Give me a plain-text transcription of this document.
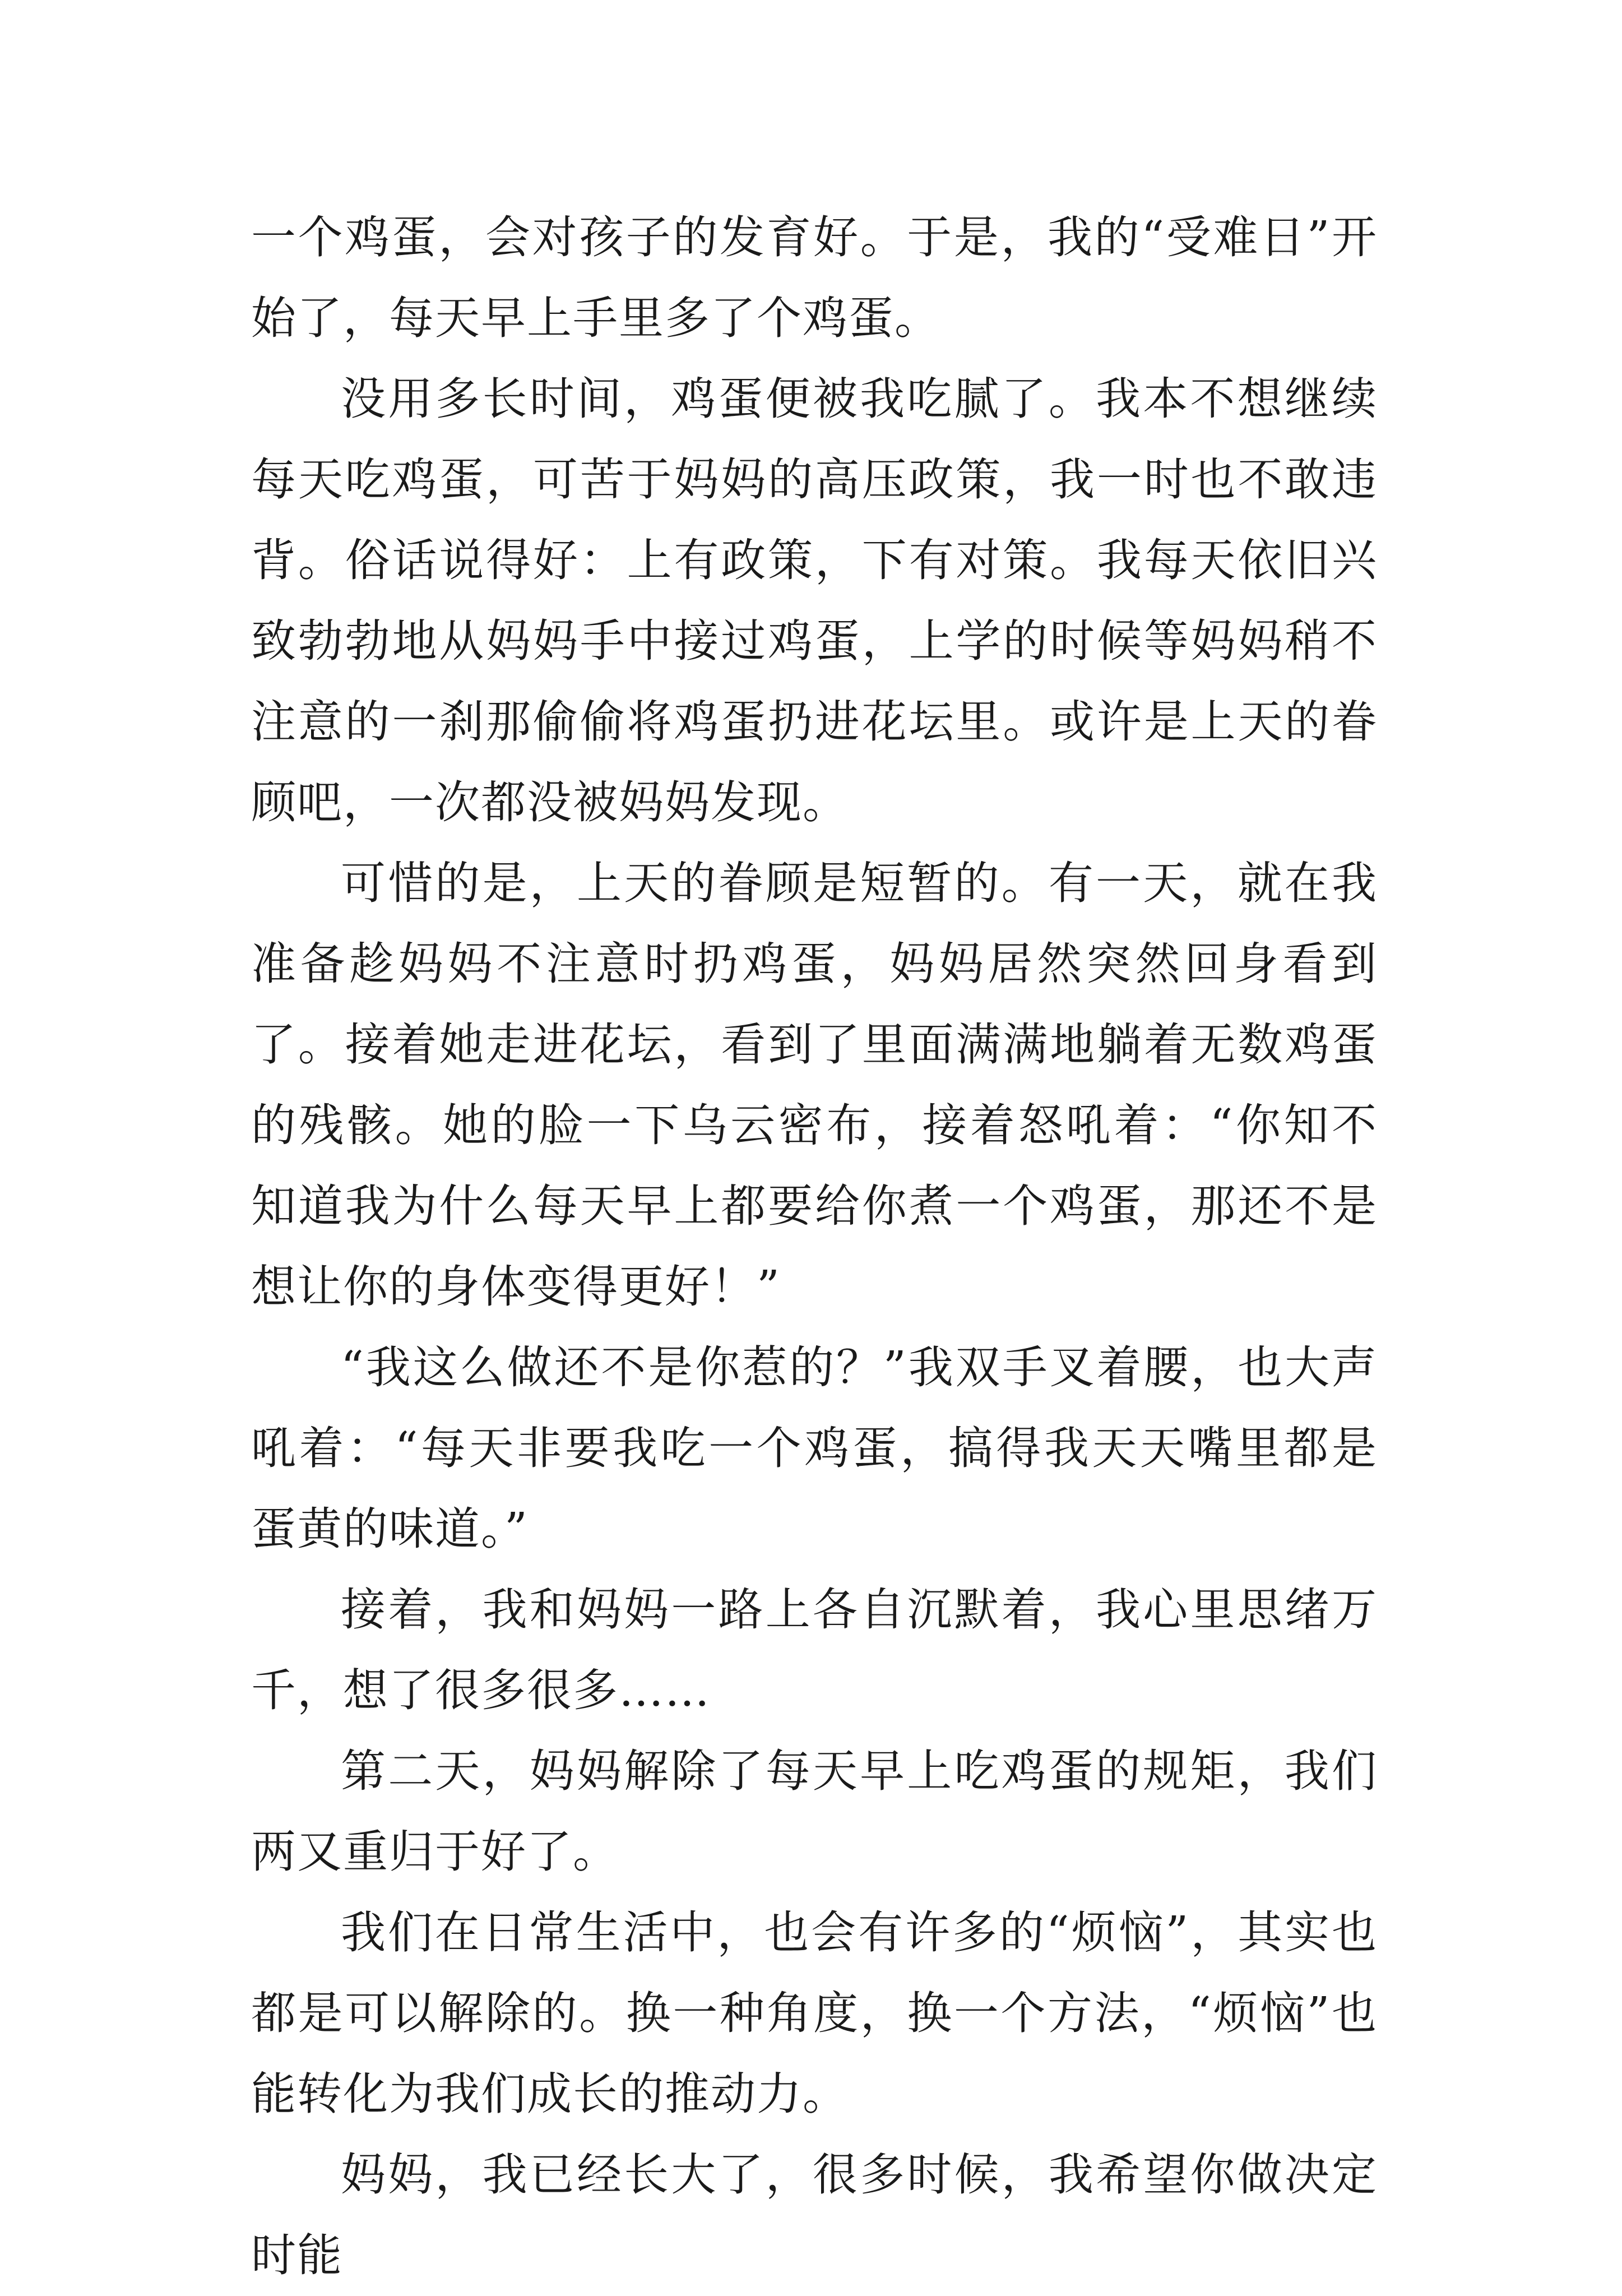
一个鸡蛋，会对孩子的发育好。于是，我的“受难日”开始了，每天早上手里多了个鸡蛋。

没用多长时间，鸡蛋便被我吃腻了。我本不想继续每天吃鸡蛋，可苦于妈妈的高压政策，我一时也不敢违背。俗话说得好：上有政策，下有对策。我每天依旧兴致勃勃地从妈妈手中接过鸡蛋，上学的时候等妈妈稍不注意的一刹那偷偷将鸡蛋扔进花坛里。或许是上天的眷顾吧，一次都没被妈妈发现。

可惜的是，上天的眷顾是短暂的。有一天，就在我准备趁妈妈不注意时扔鸡蛋，妈妈居然突然回身看到了。接着她走进花坛，看到了里面满满地躺着无数鸡蛋的残骸。她的脸一下乌云密布，接着怒吼着：“你知不知道我为什么每天早上都要给你煮一个鸡蛋，那还不是想让你的身体变得更好！”

“我这么做还不是你惹的？”我双手叉着腰，也大声吼着：“每天非要我吃一个鸡蛋，搞得我天天嘴里都是蛋黄的味道。”

接着，我和妈妈一路上各自沉默着，我心里思绪万千，想了很多很多……

第二天，妈妈解除了每天早上吃鸡蛋的规矩，我们两又重归于好了。

我们在日常生活中，也会有许多的“烦恼”，其实也都是可以解除的。换一种角度，换一个方法，“烦恼”也能转化为我们成长的推动力。

妈妈，我已经长大了，很多时候，我希望你做决定时能
